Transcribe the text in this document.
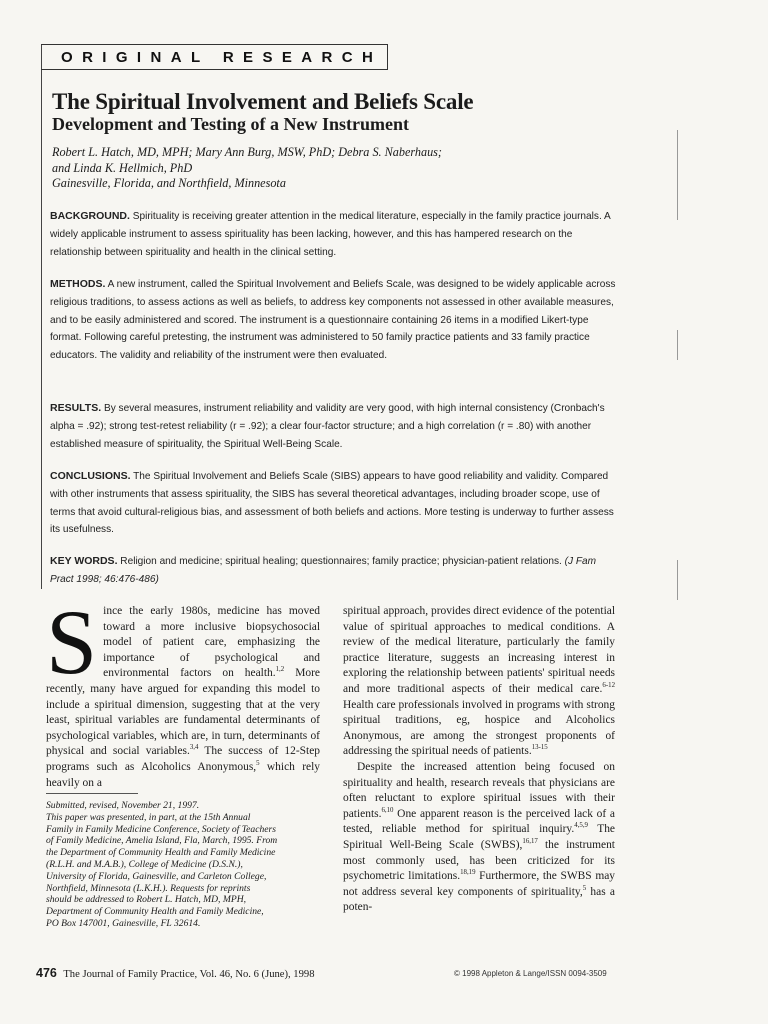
ORIGINAL RESEARCH
The Spiritual Involvement and Beliefs Scale
Development and Testing of a New Instrument
Robert L. Hatch, MD, MPH; Mary Ann Burg, MSW, PhD; Debra S. Naberhaus;
and Linda K. Hellmich, PhD
Gainesville, Florida, and Northfield, Minnesota

BACKGROUND. Spirituality is receiving greater attention in the medical literature, especially in the family practice journals. A widely applicable instrument to assess spirituality has been lacking, however, and this has hampered research on the relationship between spirituality and health in the clinical setting.

METHODS. A new instrument, called the Spiritual Involvement and Beliefs Scale, was designed to be widely applicable across religious traditions, to assess actions as well as beliefs, to address key components not assessed in other available measures, and to be easily administered and scored. The instrument is a questionnaire containing 26 items in a modified Likert-type format. Following careful pretesting, the instrument was administered to 50 family practice patients and 33 family practice educators. The validity and reliability of the instrument were then evaluated.

RESULTS. By several measures, instrument reliability and validity are very good, with high internal consistency (Cronbach's alpha = .92); strong test-retest reliability (r = .92); a clear four-factor structure; and a high correlation (r = .80) with another established measure of spirituality, the Spiritual Well-Being Scale.

CONCLUSIONS. The Spiritual Involvement and Beliefs Scale (SIBS) appears to have good reliability and validity. Compared with other instruments that assess spirituality, the SIBS has several theoretical advantages, including broader scope, use of terms that avoid cultural-religious bias, and assessment of both beliefs and actions. More testing is underway to further assess its usefulness.

KEY WORDS. Religion and medicine; spiritual healing; questionnaires; family practice; physician-patient relations. (J Fam Pract 1998; 46:476-486)

Since the early 1980s, medicine has moved toward a more inclusive biopsychosocial model of patient care, emphasizing the importance of psychological and environmental factors on health.$^{1,2}$ More recently, many have argued for expanding this model to include a spiritual dimension, suggesting that at the very least, spiritual variables are fundamental determinants of psychological variables, which are, in turn, determinants of physical and social variables.$^{3,4}$ The success of 12-Step programs such as Alcoholics Anonymous,$^5$ which rely heavily on a

Submitted, revised, November 21, 1997.
This paper was presented, in part, at the 15th Annual
Family in Family Medicine Conference, Society of Teachers
of Family Medicine, Amelia Island, Fla, March, 1995. From
the Department of Community Health and Family Medicine
(R.L.H. and M.A.B.), College of Medicine (D.S.N.),
University of Florida, Gainesville, and Carleton College,
Northfield, Minnesota (L.K.H.). Requests for reprints
should be addressed to Robert L. Hatch, MD, MPH,
Department of Community Health and Family Medicine,
PO Box 147001, Gainesville, FL 32614.

spiritual approach, provides direct evidence of the potential value of spiritual approaches to medical conditions. A review of the medical literature, particularly the family practice literature, suggests an increasing interest in exploring the relationship between patients' spiritual needs and more traditional aspects of their medical care.$^{6-12}$ Health care professionals involved in programs with strong spiritual traditions, eg, hospice and Alcoholics Anonymous, are among the strongest proponents of addressing the spiritual needs of patients.$^{13-15}$

Despite the increased attention being focused on spirituality and health, research reveals that physicians are often reluctant to explore spiritual issues with their patients.$^{6,10}$ One apparent reason is the perceived lack of a tested, reliable method for spiritual inquiry.$^{4,5,9}$ The Spiritual Well-Being Scale (SWBS),$^{16,17}$ the instrument most commonly used, has been criticized for its psychometric limitations.$^{18,19}$ Furthermore, the SWBS may not address several key components of spirituality,$^5$ has a poten-

476 The Journal of Family Practice, Vol. 46, No. 6 (June), 1998	© 1998 Appleton & Lange/ISSN 0094-3509
